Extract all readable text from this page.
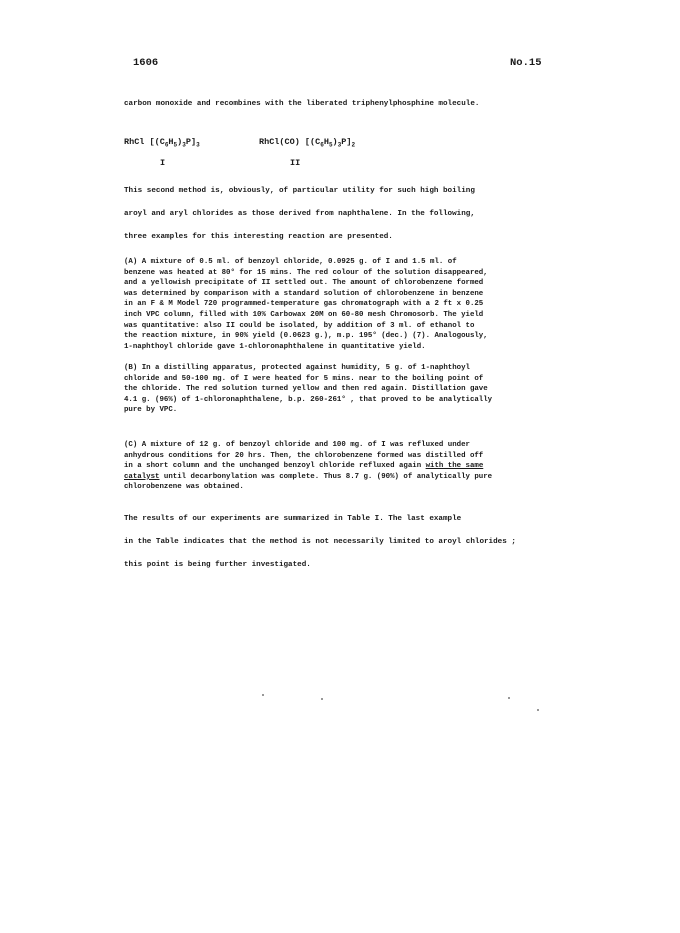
1606	No.15
carbon monoxide and recombines with the liberated triphenylphosphine molecule.
RhCl $[(C_6H_5)_3P]_3$
I
RhCl(CO) $[(C_6H_5)_3P]_2$
II
This second method is, obviously, of particular utility for such high boiling
aroyl and aryl chlorides as those derived from naphthalene. In the following,
three examples for this interesting reaction are presented.
(A) A mixture of 0.5 ml. of benzoyl chloride, 0.0925 g. of I and 1.5 ml. of
benzene was heated at 80° for 15 mins. The red colour of the solution disappeared,
and a yellowish precipitate of II settled out. The amount of chlorobenzene formed
was determined by comparison with a standard solution of chlorobenzene in benzene
in an F & M Model 720 programmed-temperature gas chromatograph with a 2 ft x 0.25
inch VPC column, filled with 10% Carbowax 20M on 60-80 mesh Chromosorb. The yield
was quantitative: also II could be isolated, by addition of 3 ml. of ethanol to
the reaction mixture, in 90% yield (0.0623 g.), m.p. 195° (dec.) (7). Analogously,
1-naphthoyl chloride gave 1-chloronaphthalene in quantitative yield.
(B) In a distilling apparatus, protected against humidity, 5 g. of 1-naphthoyl
chloride and 50-100 mg. of I were heated for 5 mins. near to the boiling point of
the chloride. The red solution turned yellow and then red again. Distillation gave
4.1 g. (96%) of 1-chloronaphthalene, b.p. 260-261° , that proved to be analytically
pure by VPC.
(C) A mixture of 12 g. of benzoyl chloride and 100 mg. of I was refluxed under
anhydrous conditions for 20 hrs. Then, the chlorobenzene formed was distilled off
in a short column and the unchanged benzoyl chloride refluxed again with the same
catalyst until decarbonylation was complete. Thus 8.7 g. (90%) of analytically pure
chlorobenzene was obtained.
The results of our experiments are summarized in Table I. The last example
in the Table indicates that the method is not necessarily limited to aroyl chlorides ;
this point is being further investigated.
